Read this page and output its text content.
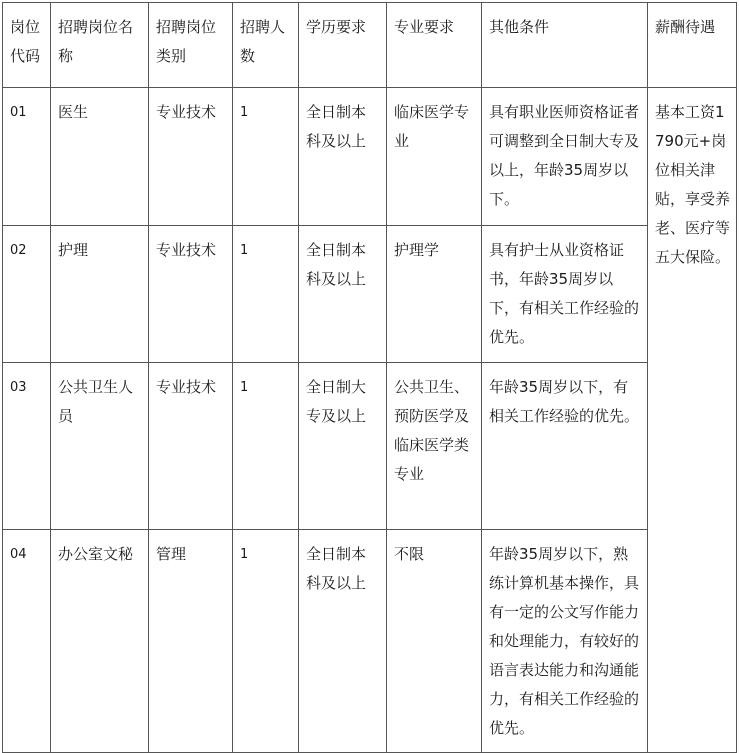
岗位代码	招聘岗位名称	招聘岗位类别	招聘人数	学历要求	专业要求	其他条件	薪酬待遇
01	医生	专业技术	1	全日制本科及以上	临床医学专业	具有职业医师资格证者可调整到全日制大专及以上，年龄35周岁以下。	基本工资1790元+岗位相关津贴，享受养老、医疗等五大保险。
02	护理	专业技术	1	全日制本科及以上	护理学	具有护士从业资格证书，年龄35周岁以下，有相关工作经验的优先。	
03	公共卫生人员	专业技术	1	全日制大专及以上	公共卫生、预防医学及临床医学类专业	年龄35周岁以下，有相关工作经验的优先。	
04	办公室文秘	管理	1	全日制本科及以上	不限	年龄35周岁以下，熟练计算机基本操作，具有一定的公文写作能力和处理能力，有较好的语言表达能力和沟通能力，有相关工作经验的优先。	
